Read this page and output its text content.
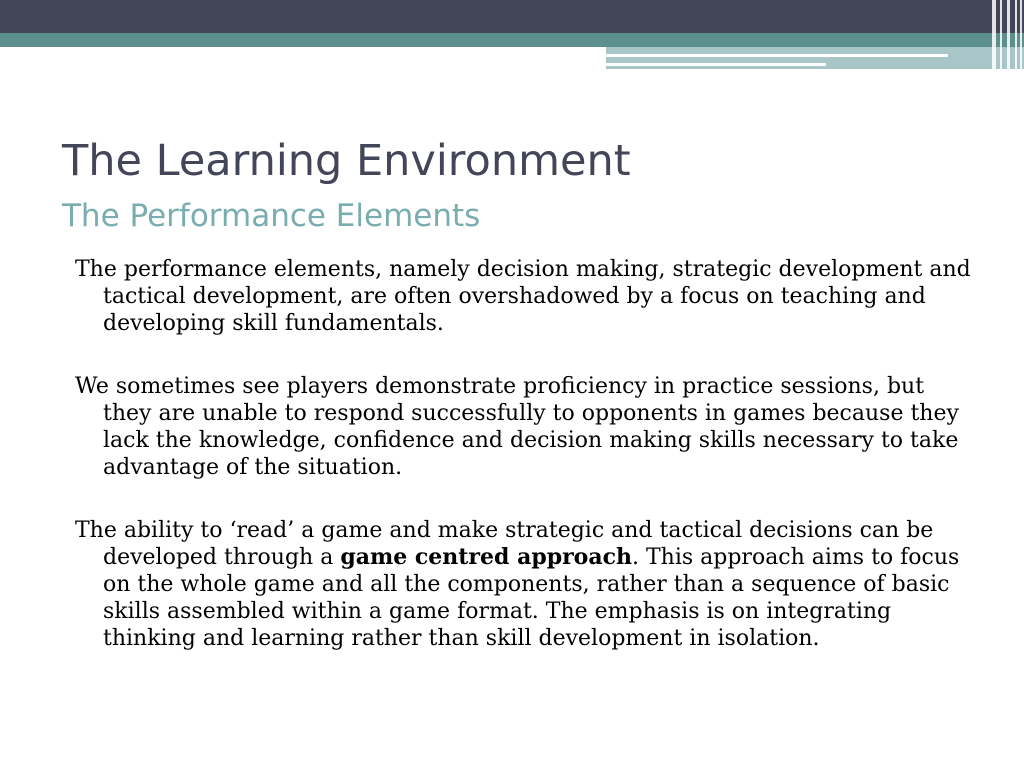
The Learning Environment
The Performance Elements

The performance elements, namely decision making, strategic development and tactical development, are often overshadowed by a focus on teaching and developing skill fundamentals.

We sometimes see players demonstrate proficiency in practice sessions, but they are unable to respond successfully to opponents in games because they lack the knowledge, confidence and decision making skills necessary to take advantage of the situation.

The ability to ‘read’ a game and make strategic and tactical decisions can be developed through a game centred approach. This approach aims to focus on the whole game and all the components, rather than a sequence of basic skills assembled within a game format. The emphasis is on integrating thinking and learning rather than skill development in isolation.
